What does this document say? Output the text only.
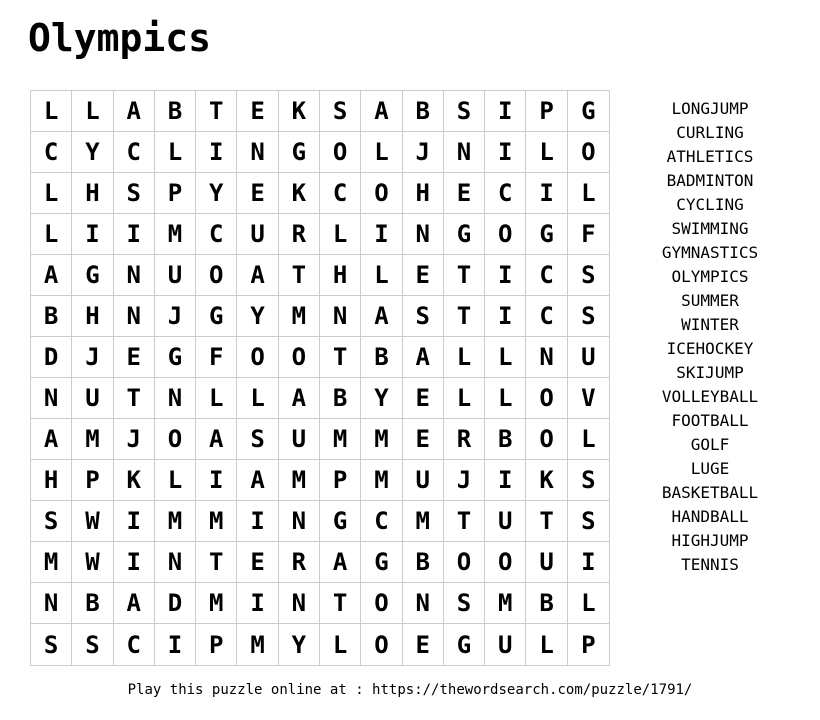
Olympics
L	L	A	B	T	E	K	S	A	B	S	I	P	G
C	Y	C	L	I	N	G	O	L	J	N	I	L	O
L	H	S	P	Y	E	K	C	O	H	E	C	I	L
L	I	I	M	C	U	R	L	I	N	G	O	G	F
A	G	N	U	O	A	T	H	L	E	T	I	C	S
B	H	N	J	G	Y	M	N	A	S	T	I	C	S
D	J	E	G	F	O	O	T	B	A	L	L	N	U
N	U	T	N	L	L	A	B	Y	E	L	L	O	V
A	M	J	O	A	S	U	M	M	E	R	B	O	L
H	P	K	L	I	A	M	P	M	U	J	I	K	S
S	W	I	M	M	I	N	G	C	M	T	U	T	S
M	W	I	N	T	E	R	A	G	B	O	O	U	I
N	B	A	D	M	I	N	T	O	N	S	M	B	L
S	S	C	I	P	M	Y	L	O	E	G	U	L	P
LONGJUMP
CURLING
ATHLETICS
BADMINTON
CYCLING
SWIMMING
GYMNASTICS
OLYMPICS
SUMMER
WINTER
ICEHOCKEY
SKIJUMP
VOLLEYBALL
FOOTBALL
GOLF
LUGE
BASKETBALL
HANDBALL
HIGHJUMP
TENNIS
Play this puzzle online at : https://thewordsearch.com/puzzle/1791/
